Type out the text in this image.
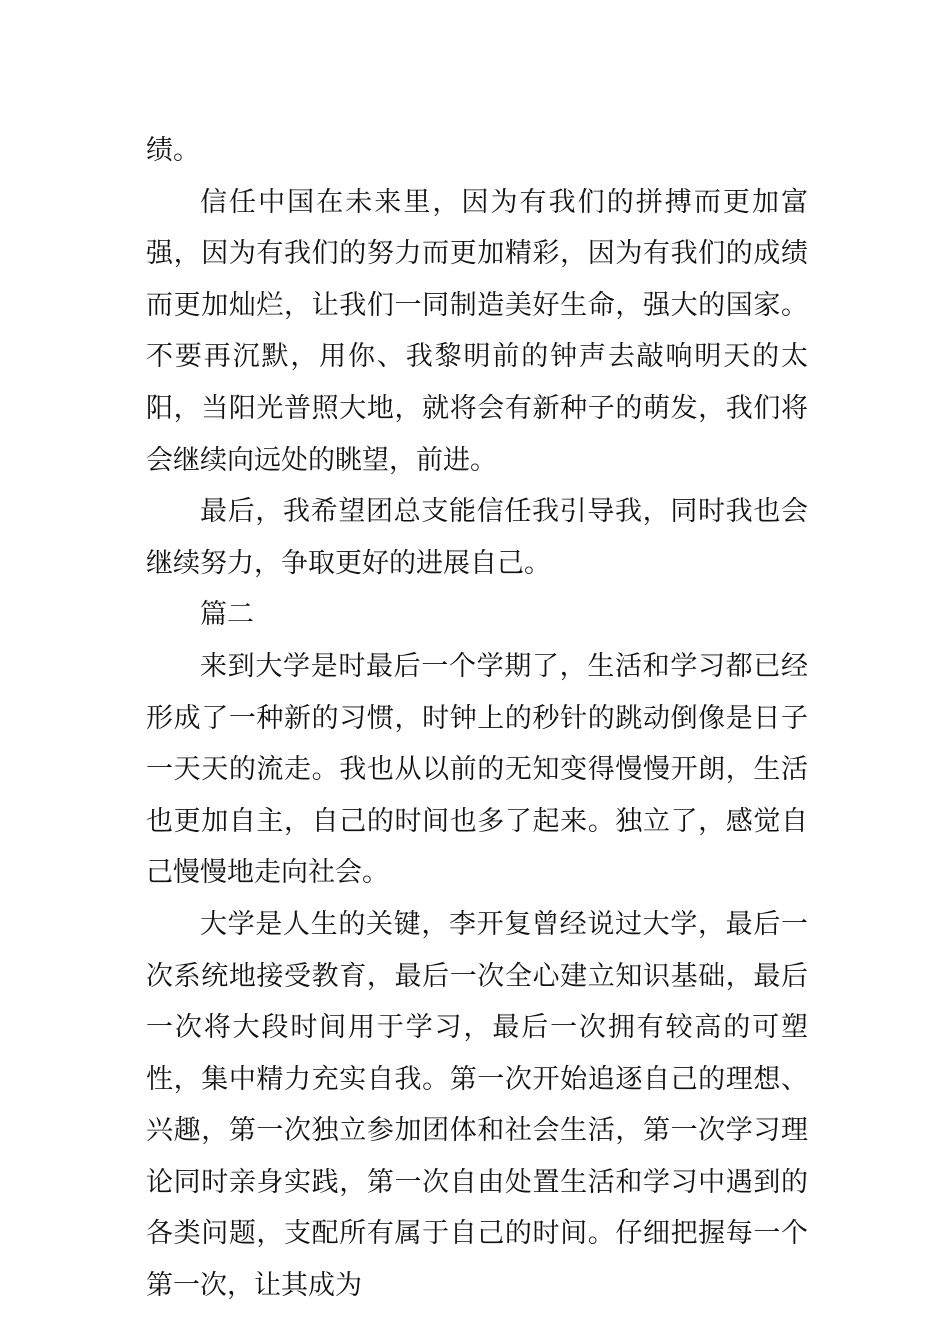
绩。

信任中国在未来里，因为有我们的拼搏而更加富强，因为有我们的努力而更加精彩，因为有我们的成绩而更加灿烂，让我们一同制造美好生命，强大的国家。不要再沉默，用你、我黎明前的钟声去敲响明天的太阳，当阳光普照大地，就将会有新种子的萌发，我们将会继续向远处的眺望，前进。

最后，我希望团总支能信任我引导我，同时我也会继续努力，争取更好的进展自己。

篇二

来到大学是时最后一个学期了，生活和学习都已经形成了一种新的习惯，时钟上的秒针的跳动倒像是日子一天天的流走。我也从以前的无知变得慢慢开朗，生活也更加自主，自己的时间也多了起来。独立了，感觉自己慢慢地走向社会。

大学是人生的关键，李开复曾经说过大学，最后一次系统地接受教育，最后一次全心建立知识基础，最后一次将大段时间用于学习，最后一次拥有较高的可塑性，集中精力充实自我。第一次开始追逐自己的理想、兴趣，第一次独立参加团体和社会生活，第一次学习理论同时亲身实践，第一次自由处置生活和学习中遇到的各类问题，支配所有属于自己的时间。仔细把握每一个第一次，让其成为
